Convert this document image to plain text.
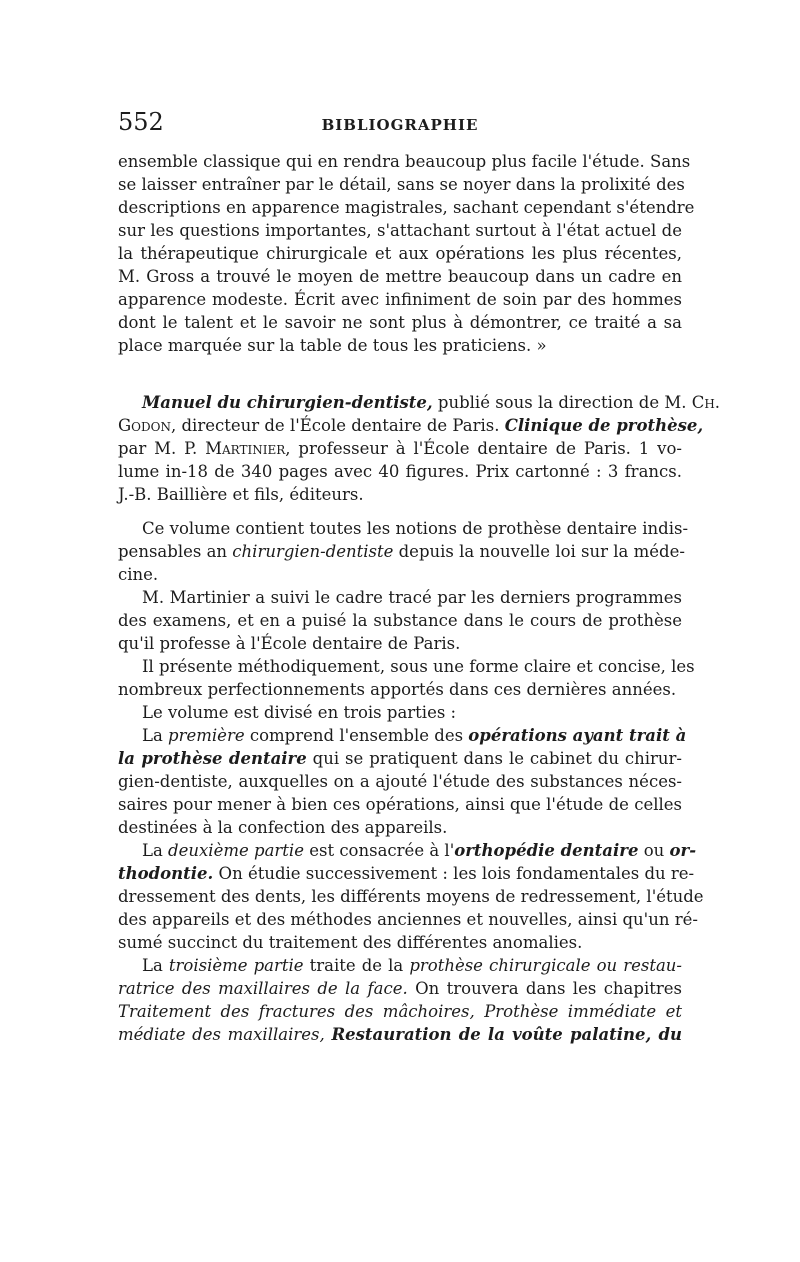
552	BIBLIOGRAPHIE
ensemble classique qui en rendra beaucoup plus facile l'étude. Sans
se laisser entraîner par le détail, sans se noyer dans la prolixité des
descriptions en apparence magistrales, sachant cependant s'étendre
sur les questions importantes, s'attachant surtout à l'état actuel de
la thérapeutique chirurgicale et aux opérations les plus récentes,
M. Gross a trouvé le moyen de mettre beaucoup dans un cadre en
apparence modeste. Écrit avec infiniment de soin par des hommes
dont le talent et le savoir ne sont plus à démontrer, ce traité a sa
place marquée sur la table de tous les praticiens. »
Manuel du chirurgien-dentiste, publié sous la direction de M. Ch.
Godon, directeur de l'École dentaire de Paris. Clinique de prothèse,
par M. P. Martinier, professeur à l'École dentaire de Paris. 1 vo-
lume in-18 de 340 pages avec 40 figures. Prix cartonné : 3 francs.
J.-B. Baillière et fils, éditeurs.
Ce volume contient toutes les notions de prothèse dentaire indis-
pensables an chirurgien-dentiste depuis la nouvelle loi sur la méde-
cine.
M. Martinier a suivi le cadre tracé par les derniers programmes
des examens, et en a puisé la substance dans le cours de prothèse
qu'il professe à l'École dentaire de Paris.
Il présente méthodiquement, sous une forme claire et concise, les
nombreux perfectionnements apportés dans ces dernières années.
Le volume est divisé en trois parties :
La première comprend l'ensemble des opérations ayant trait à
la prothèse dentaire qui se pratiquent dans le cabinet du chirur-
gien-dentiste, auxquelles on a ajouté l'étude des substances néces-
saires pour mener à bien ces opérations, ainsi que l'étude de celles
destinées à la confection des appareils.
La deuxième partie est consacrée à l'orthopédie dentaire ou or-
thodontie. On étudie successivement : les lois fondamentales du re-
dressement des dents, les différents moyens de redressement, l'étude
des appareils et des méthodes anciennes et nouvelles, ainsi qu'un ré-
sumé succinct du traitement des différentes anomalies.
La troisième partie traite de la prothèse chirurgicale ou restau-
ratrice des maxillaires de la face. On trouvera dans les chapitres
Traitement des fractures des mâchoires, Prothèse immédiate et
médiate des maxillaires, Restauration de la voûte palatine, du
